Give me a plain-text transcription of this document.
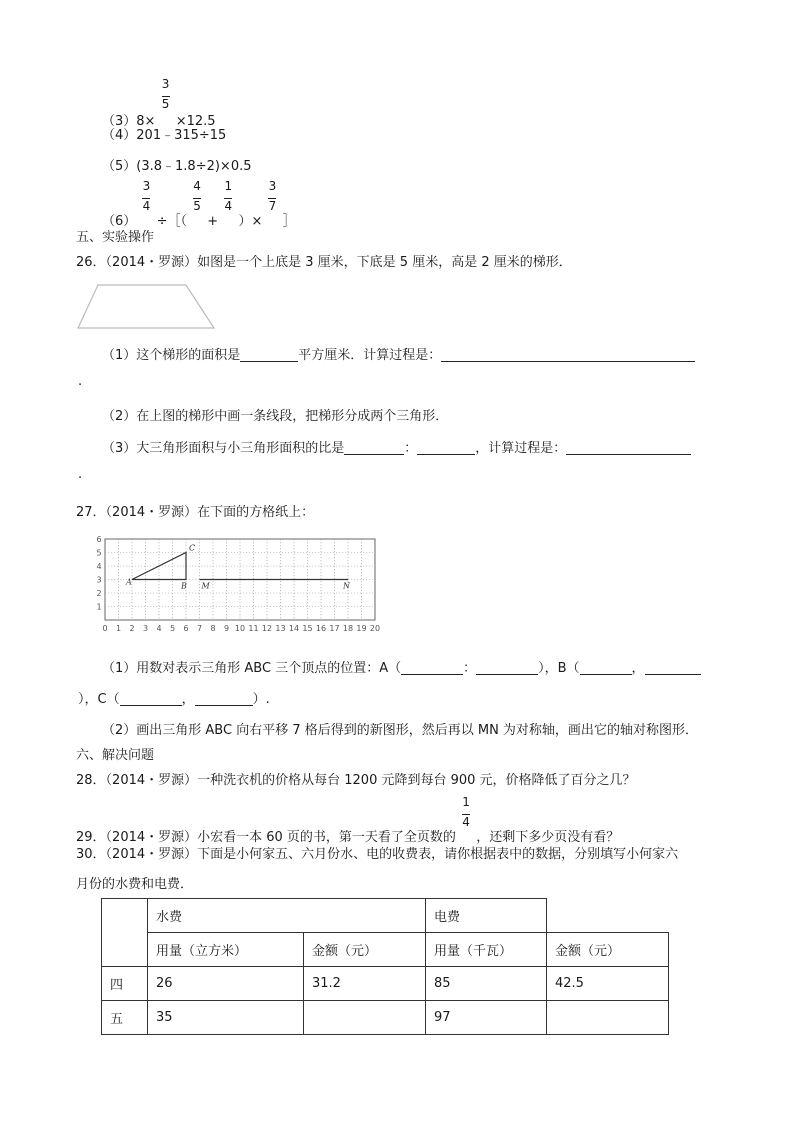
（3）8×
$\frac{3}{5}$
×12.5
（4）201﹣315÷15
（5）(3.8﹣1.8÷2)×0.5
（6）
$\frac{3}{4}$
÷［（
$\frac{4}{5}$
+
$\frac{1}{4}$
）×
$\frac{3}{7}$
］
五、实验操作
26．（2014・罗源）如图是一个上底是 3 厘米，下底是 5 厘米，高是 2 厘米的梯形．
（1）这个梯形的面积是	平方厘米．计算过程是：
.
（2）在上图的梯形中画一条线段，把梯形分成两个三角形．
（3）大三角形面积与小三角形面积的比是	：	，计算过程是：
.
27．（2014・罗源）在下面的方格纸上：
0 1 2 3 4 5 6 7 8 9 10 11 12 13 14 15 16 17 18 19 20
1
2
3
4
5
6
A	B
C
M	N
（1）用数对表示三角形 ABC 三个顶点的位置：A（	：	），B（	，
），C（	，	）.
（2）画出三角形 ABC 向右平移 7 格后得到的新图形，然后再以 MN 为对称轴，画出它的轴对称图形．
六、解决问题
28．（2014・罗源）一种洗衣机的价格从每台 1200 元降到每台 900 元，价格降低了百分之几？
29．（2014・罗源）小宏看一本 60 页的书，第一天看了全页数的
$\frac{1}{4}$
，还剩下多少页没有看？
30．（2014・罗源）下面是小何家五、六月份水、电的收费表，请你根据表中的数据，分别填写小何家六
月份的水费和电费．
	水费		电费	
	用量（立方米）	金额（元）	用量（千瓦）	金额（元）
四	26	31.2	85	42.5
五	35		97	
